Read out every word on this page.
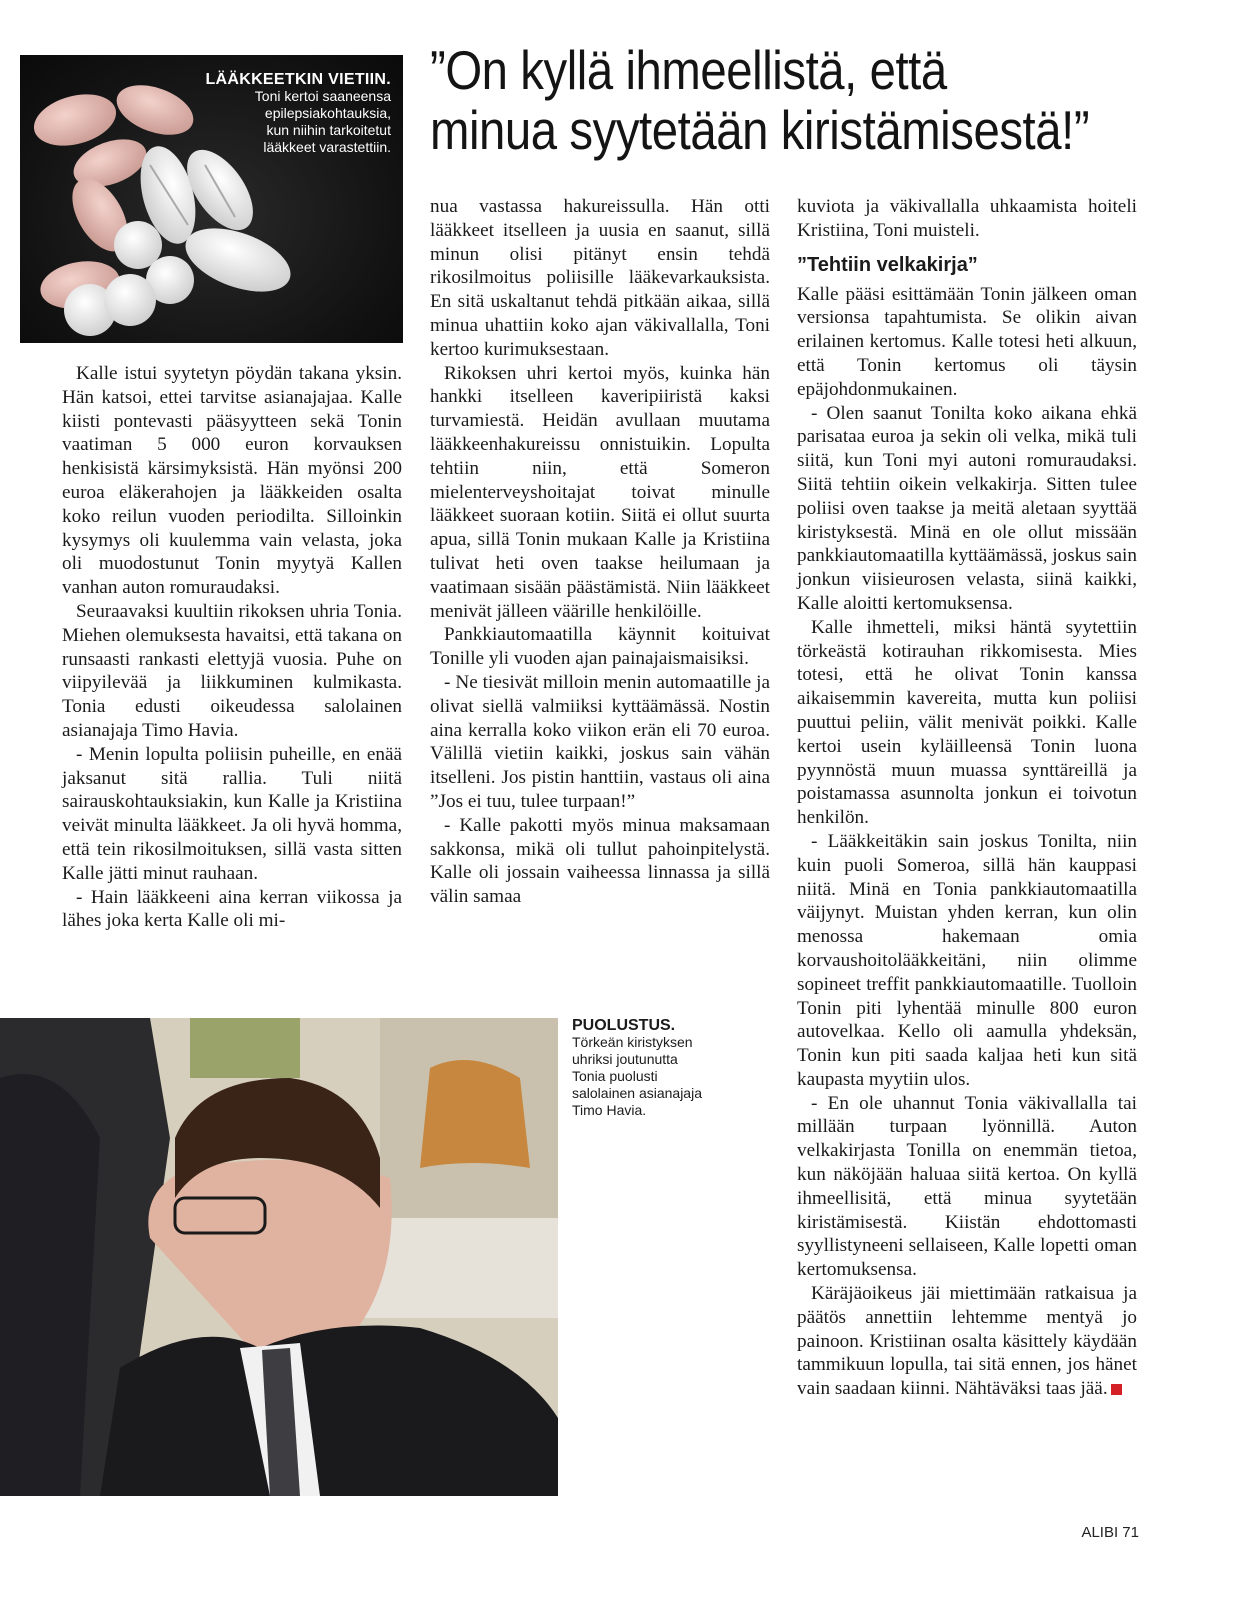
LÄÄKKEETKIN VIETIIN.
Toni kertoi saaneensa
epilepsiakohtauksia,
kun niihin tarkoitetut
lääkkeet varastettiin.
”On kyllä ihmeellistä, että
minua syytetään kiristämisestä!”

Kalle istui syytetyn pöydän takana yksin. Hän katsoi, ettei tarvitse asianajajaa. Kalle kiisti pontevasti pääsyytteen sekä Tonin vaatiman 5 000 euron korvauksen henkisistä kärsimyksistä. Hän myönsi 200 euroa eläkerahojen ja lääkkeiden osalta koko reilun vuoden periodilta. Silloinkin kysymys oli kuulemma vain velasta, joka oli muodostunut Tonin myytyä Kallen vanhan auton romuraudaksi.

Seuraavaksi kuultiin rikoksen uhria Tonia. Miehen olemuksesta havaitsi, että takana on runsaasti rankasti elettyjä vuosia. Puhe on viipyilevää ja liikkuminen kulmikasta. Tonia edusti oikeudessa salolainen asianajaja Timo Havia.

- Menin lopulta poliisin puheille, en enää jaksanut sitä rallia. Tuli niitä sairauskohtauksiakin, kun Kalle ja Kristiina veivät minulta lääkkeet. Ja oli hyvä homma, että tein rikosilmoituksen, sillä vasta sitten Kalle jätti minut rauhaan.

- Hain lääkkeeni aina kerran viikossa ja lähes joka kerta Kalle oli mi-

nua vastassa hakureissulla. Hän otti lääkkeet itselleen ja uusia en saanut, sillä minun olisi pitänyt ensin tehdä rikosilmoitus poliisille lääkevarkauksista. En sitä uskaltanut tehdä pitkään aikaa, sillä minua uhattiin koko ajan väkivallalla, Toni kertoo kurimuksestaan.

Rikoksen uhri kertoi myös, kuinka hän hankki itselleen kaveripiiristä kaksi turvamiestä. Heidän avullaan muutama lääkkeenhakureissu onnistuikin. Lopulta tehtiin niin, että Someron mielenterveyshoitajat toivat minulle lääkkeet suoraan kotiin. Siitä ei ollut suurta apua, sillä Tonin mukaan Kalle ja Kristiina tulivat heti oven taakse heilumaan ja vaatimaan sisään päästämistä. Niin lääkkeet menivät jälleen väärille henkilöille.

Pankkiautomaatilla käynnit koituivat Tonille yli vuoden ajan painajaismaisiksi.

- Ne tiesivät milloin menin automaatille ja olivat siellä valmiiksi kyttäämässä. Nostin aina kerralla koko viikon erän eli 70 euroa. Välillä vietiin kaikki, joskus sain vähän itselleni. Jos pistin hanttiin, vastaus oli aina ”Jos ei tuu, tulee turpaan!”

- Kalle pakotti myös minua maksamaan sakkonsa, mikä oli tullut pahoinpitelystä. Kalle oli jossain vaiheessa linnassa ja sillä välin samaa

kuviota ja väkivallalla uhkaamista hoiteli Kristiina, Toni muisteli.

”Tehtiin velkakirja”

Kalle pääsi esittämään Tonin jälkeen oman versionsa tapahtumista. Se olikin aivan erilainen kertomus. Kalle totesi heti alkuun, että Tonin kertomus oli täysin epäjohdonmukainen.

- Olen saanut Tonilta koko aikana ehkä parisataa euroa ja sekin oli velka, mikä tuli siitä, kun Toni myi autoni romuraudaksi. Siitä tehtiin oikein velkakirja. Sitten tulee poliisi oven taakse ja meitä aletaan syyttää kiristyksestä. Minä en ole ollut missään pankkiautomaatilla kyttäämässä, joskus sain jonkun viisieurosen velasta, siinä kaikki, Kalle aloitti kertomuksensa.

Kalle ihmetteli, miksi häntä syytettiin törkeästä kotirauhan rikkomisesta. Mies totesi, että he olivat Tonin kanssa aikaisemmin kavereita, mutta kun poliisi puuttui peliin, välit menivät poikki. Kalle kertoi usein kyläilleensä Tonin luona pyynnöstä muun muassa synttäreillä ja poistamassa asunnolta jonkun ei toivotun henkilön.

- Lääkkeitäkin sain joskus Tonilta, niin kuin puoli Someroa, sillä hän kauppasi niitä. Minä en Tonia pankkiautomaatilla väijynyt. Muistan yhden kerran, kun olin menossa hakemaan omia korvaushoitolääkkeitäni, niin olimme sopineet treffit pankkiautomaatille. Tuolloin Tonin piti lyhentää minulle 800 euron autovelkaa. Kello oli aamulla yhdeksän, Tonin kun piti saada kaljaa heti kun sitä kaupasta myytiin ulos.

- En ole uhannut Tonia väkivallalla tai millään turpaan lyönnillä. Auton velkakirjasta Tonilla on enemmän tietoa, kun näköjään haluaa siitä kertoa. On kyllä ihmeellisitä, että minua syytetään kiristämisestä. Kiistän ehdottomasti syyllistyneeni sellaiseen, Kalle lopetti oman kertomuksensa.

Käräjäoikeus jäi miettimään ratkaisua ja päätös annettiin lehtemme mentyä jo painoon. Kristiinan osalta käsittely käydään tammikuun lopulla, tai sitä ennen, jos hänet vain saadaan kiinni. Nähtäväksi taas jää.

PUOLUSTUS.
Törkeän kiristyksen
uhriksi joutunutta
Tonia puolusti
salolainen asianajaja
Timo Havia.
ALIBI 71
